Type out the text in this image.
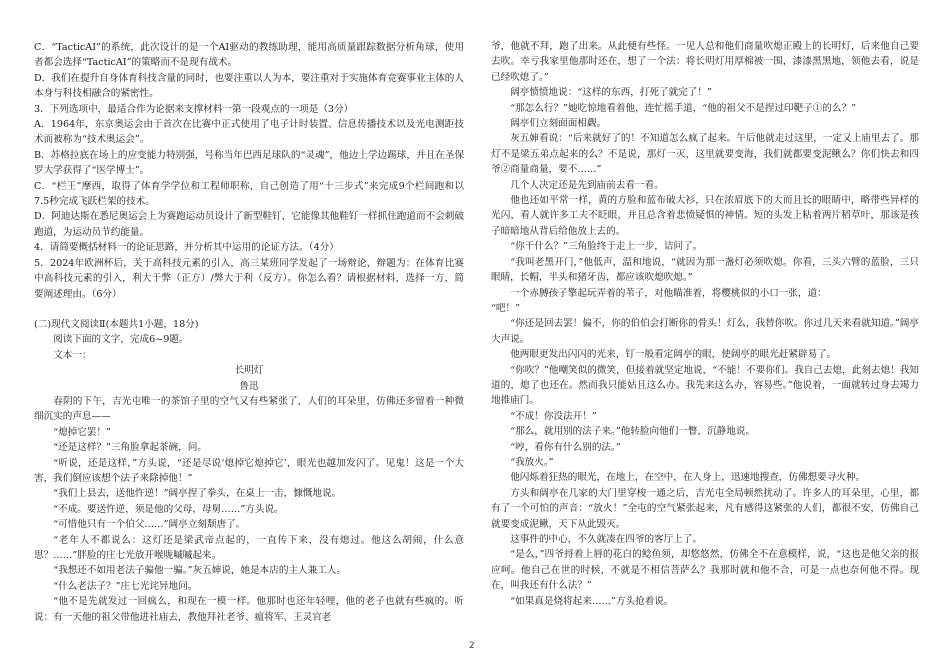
C．“TacticAI”的系统，此次设计的是一个AI驱动的教练助理，能用高质量跟踪数据分析角球，使用者都会选择“TacticAI”的策略而不是现有战术。

D．我们在提升自身体育科技含量的同时，也要注重以人为本，要注重对于实施体育竞赛事业主体的人本身与科技相融合的紧密性。

3．下列选项中，最适合作为论据来支撑材料一第一段观点的一项是（3分）

A．1964年，东京奥运会由于首次在比赛中正式使用了电子计时装置、信息传播技术以及光电测距技术而被称为“技术奥运会”。

B．苏格拉底在场上的应变能力特别强，号称当年巴西足球队的“灵魂”，他边上学边踢球，并且在圣保罗大学获得了“医学博士”。

C．“栏王”摩西，取得了体育学学位和工程师职称，自己创造了用“十三步式”来完成9个栏间跑和以7.5秒完成飞跃栏架的技术。

D．阿迪达斯在悉尼奥运会上为赛跑运动员设计了新型鞋钉，它能像其他鞋钉一样抓住跑道而不会刺破跑道，为运动员节约能量。

4．请简要概括材料一的论证思路，并分析其中运用的论证方法。（4分）

5．2024年欧洲杯后，关于高科技元素的引入，高三某班同学发起了一场辩论，辩题为：在体育比赛中高科技元素的引入，利大于弊（正方）/弊大于利（反方）。你怎么看？请根据材料，选择一方，简要阐述理由。（6分）

(二)现代文阅读Ⅱ(本题共1小题，18分)

阅读下面的文字，完成6~9题。

文本一：

长明灯

鲁迅

春阴的下午，吉光屯唯一的茶馆子里的空气又有些紧张了，人们的耳朵里，仿佛还多留着一种微细沉实的声息——

“熄掉它罢！”

“还是这样？”三角脸拿起茶碗，问。

“听说，还是这样，”方头说，“还是尽说‘熄掉它熄掉它’，眼光也越加发闪了。见鬼！这是一个大害，我们倒应该想个法子来除掉他！”

“我们上县去，送他忤逆！”阔亭捏了拳头，在桌上一击，慷慨地说。

“不成。要送忤逆，须是他的父母，母舅……”方头说。

“可惜他只有一个伯父……”阔亭立刻颓唐了。

“老年人不都说么：这灯还是梁武帝点起的，一直传下来，没有熄过。他这么胡闹，什么意思？……”胖脸的庄七光放开喉咙嘁嘁起来。

“我想还不如用老法子骗他一骗。”灰五婶说，她是本店的主人兼工人。

“什么老法子？”庄七光诧异地问。

“他不是先就发过一回疯么，和现在一模一样。他那时也还年轻哩，他的老子也就有些疯的。听说：有一天他的祖父带他进社庙去，教他拜社老爷、瘟将军、王灵官老

爷，他就不拜，跑了出来。从此便有些怪。一见人总和他们商量吹熄正殿上的长明灯，后来他自己要去吹。幸亏我家里他那时还在，想了一个法：将长明灯用厚棉被一围，漆漆黑黑地，领他去看，说是已经吹熄了。”

阔亭愤愤地说：“这样的东西，打死了就完了！”

“那怎么行？”她吃惊地看着他，连忙摇手道，“他的祖父不是捏过印靶子①的么？”

阔亭们立刻面面相觑。

灰五婶看说：“后来就好了的！不知道怎么疯了起来。午后他就走过这里，一定又上庙里去了。那灯不是梁五弟点起来的么？不是说，那灯一灭，这里就要变海，我们就都要变泥鳅么？你们快去和四爷②商量商量，要不……”

几个人决定还是先到庙前去看一看。

他也还如平常一样，黄的方脸和蓝布破大衫，只在浓眉底下的大而且长的眼睛中，略带些异样的光闪，看人就许多工夫不眨眼，并且总含着悲愤疑惧的神情。短的头发上粘着两片稻草叶，那该是孩子暗暗地从背后给他放上去的。

“你干什么？”三角脸终于走上一步，诘问了。

“我叫老黑开门，”他低声，温和地说，“就因为那一盏灯必须吹熄。你看，三头六臂的蓝脸，三只眼睛，长帽，半头和猪牙齿，都应该吹熄吹熄。”

一个赤膊孩子擎起玩弄着的苇子，对他瞄准着，将樱桃似的小口一张，道：

“吧！”

“你还是回去罢！偏不，你的伯伯会打断你的骨头！灯么，我替你吹。你过几天来看就知道。”阔亭大声说。

他两眼更发出闪闪的光来，钉一般看定阔亭的眼，使阔亭的眼光赶紧辟易了。

“你吹？”他嘲笑似的微笑，但接着就坚定地说，“不能！不要你们。我自己去熄，此刻去熄！我知道的，熄了也还在。然而我只能姑且这么办。我先来这么办，容易些。”他说着，一面就转过身去竭力地推庙门。

“不成！你没法开！”

“那么，就用别的法子来。”他转脸向他们一瞥，沉静地说。

“哼，看你有什么别的法。”

“我放火。”

他闪烁着狂热的眼光，在地上，在空中，在人身上，迅速地搜查，仿佛想要寻火种。

方头和阔亭在几家的大门里穿梭一通之后，吉光屯全局顿然扰动了。许多人的耳朵里，心里，都有了一个可怕的声音：“放火！”全屯的空气紧张起来，凡有感得这紧张的人们，都很不安，仿佛自己就要变成泥鳅，天下从此毁灭。

这事件的中心，不久就凑在四爷的客厅上了。

“是么，”四爷捋着上唇的花白的鲶鱼须，却悠悠然，仿佛全不在意模样，说，“这也是他父亲的报应呵。他自己在世的时候，不就是不相信菩萨么？我那时就和他不合，可是一点也奈何他不得。现在，叫我还有什么法？”

“如果真是烧将起来……”方头抢着说。

2
